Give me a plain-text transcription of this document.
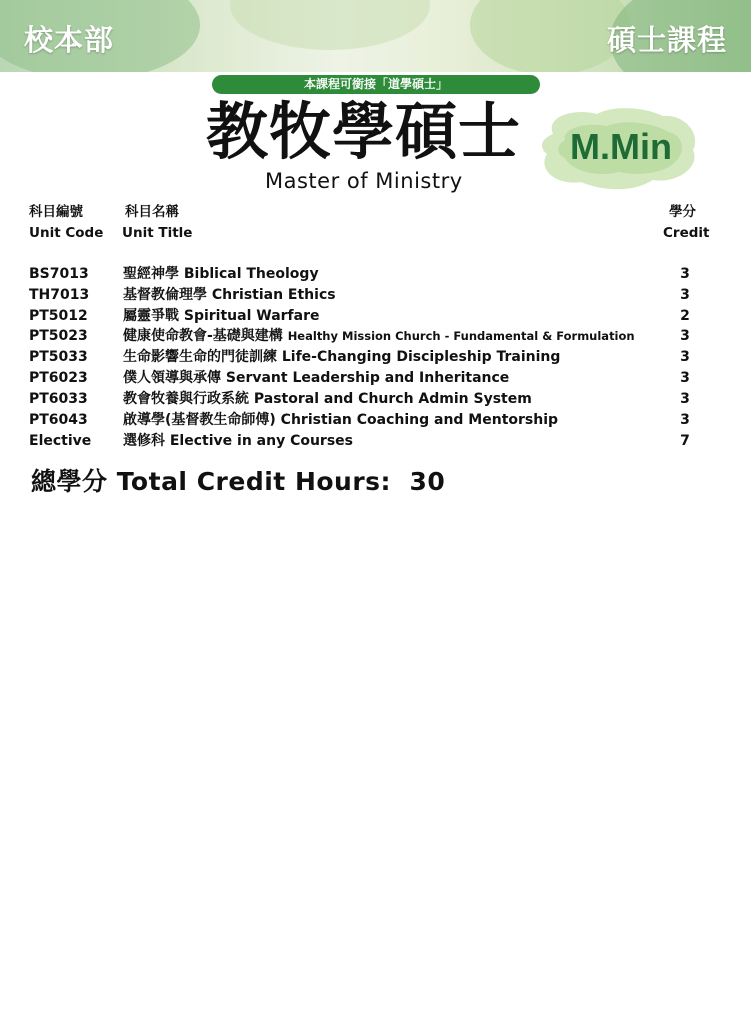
校本部	碩士課程
本課程可銜接「道學碩士」
教牧學碩士 M.Min
Master of Ministry
科目編號	科目名稱	學分
Unit Code Unit Title	Credit
BS7013 聖經神學 Biblical Theology	3
TH7013 基督教倫理學 Christian Ethics	3
PT5012	屬靈爭戰 Spiritual Warfare	2
PT5023	健康使命教會-基礎與建構 Healthy Mission Church - Fundamental & Formulation	3
PT5033	生命影響生命的門徒訓練 Life-Changing Discipleship Training	3
PT6023	僕人領導與承傳 Servant Leadership and Inheritance	3
PT6033	教會牧養與行政系統 Pastoral and Church Admin System	3
PT6043	啟導學(基督教生命師傅) Christian Coaching and Mentorship	3
Elective 選修科 Elective in any Courses	7
總學分 Total Credit Hours: 30
